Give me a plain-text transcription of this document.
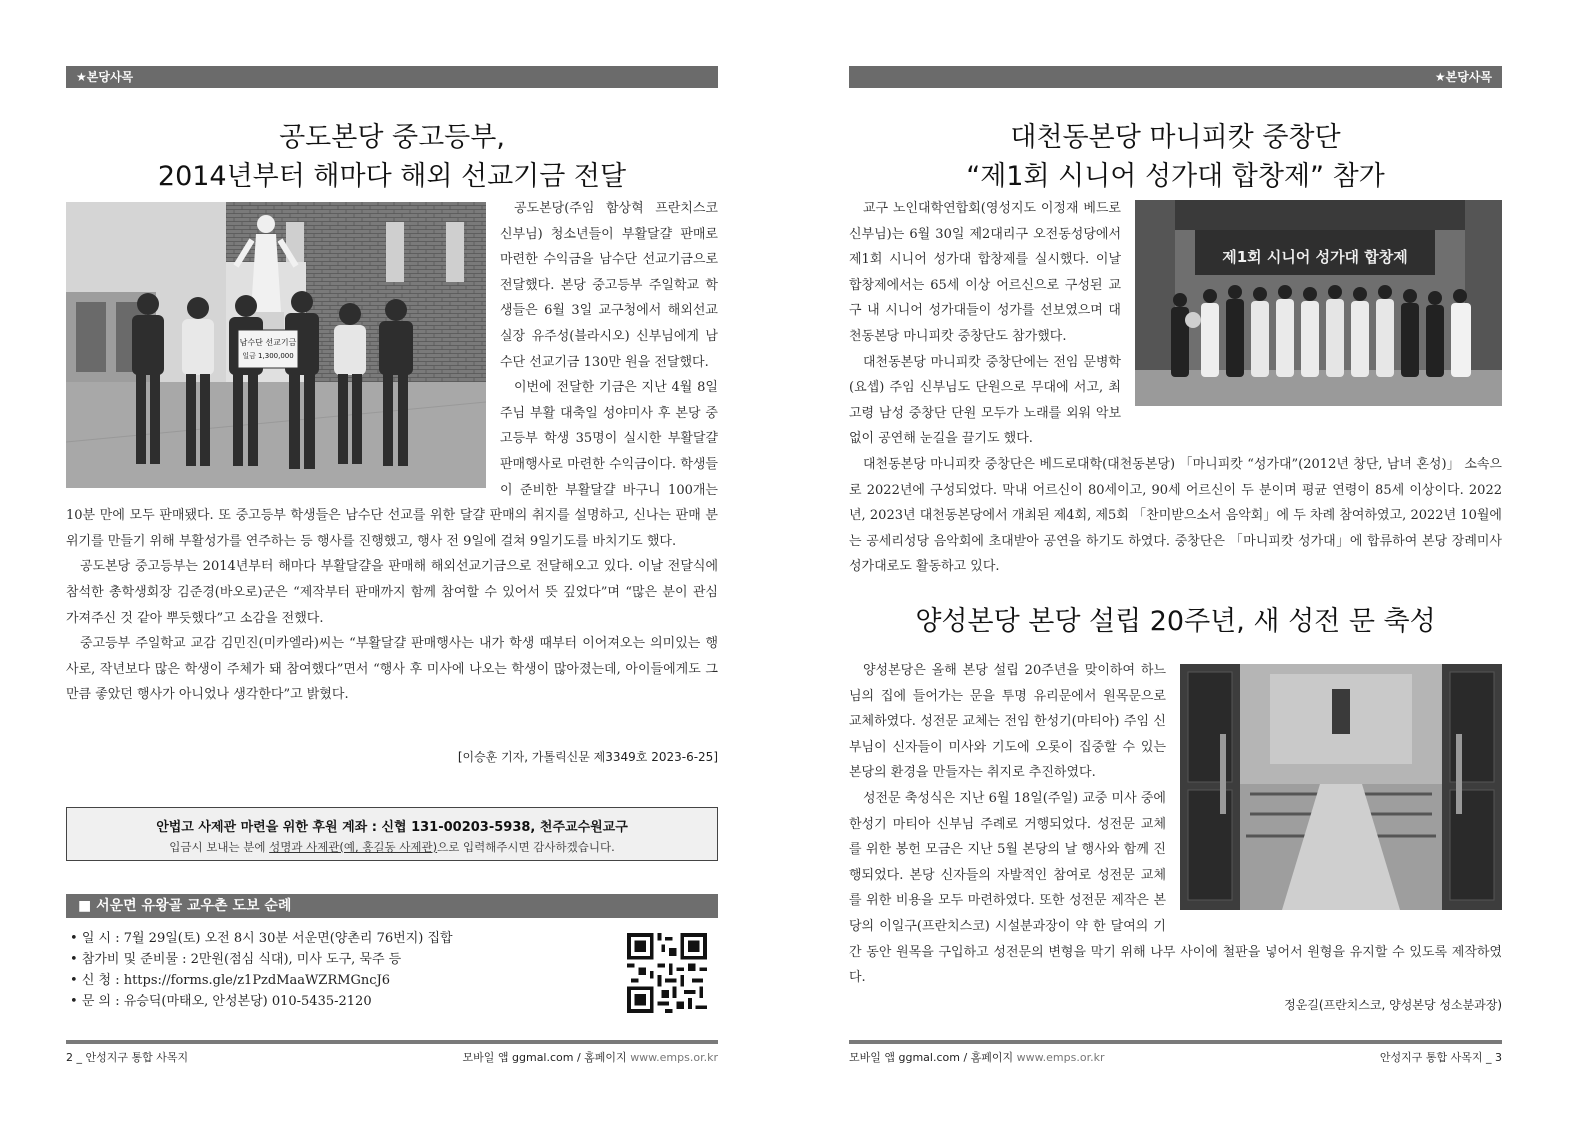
★본당사목
공도본당 중고등부,
2014년부터 해마다 해외 선교기금 전달
남수단 선교기금
일금 1,300,000

공도본당(주임 함상혁 프란치스코 신부님) 청소년들이 부활달걀 판매로 마련한 수익금을 남수단 선교기금으로 전달했다. 본당 중고등부 주일학교 학생들은 6월 3일 교구청에서 해외선교실장 유주성(블라시오) 신부님에게 남수단 선교기금 130만 원을 전달했다.

이번에 전달한 기금은 지난 4월 8일 주님 부활 대축일 성야미사 후 본당 중고등부 학생 35명이 실시한 부활달걀 판매행사로 마련한 수익금이다. 학생들이 준비한 부활달걀 바구니 100개는 10분 만에 모두 판매됐다. 또 중고등부 학생들은 남수단 선교를 위한 달걀 판매의 취지를 설명하고, 신나는 판매 분위기를 만들기 위해 부활성가를 연주하는 등 행사를 진행했고, 행사 전 9일에 걸쳐 9일기도를 바치기도 했다.

공도본당 중고등부는 2014년부터 해마다 부활달걀을 판매해 해외선교기금으로 전달해오고 있다. 이날 전달식에 참석한 총학생회장 김준경(바오로)군은 “제작부터 판매까지 함께 참여할 수 있어서 뜻 깊었다”며 “많은 분이 관심 가져주신 것 같아 뿌듯했다”고 소감을 전했다.

중고등부 주일학교 교감 김민진(미카엘라)씨는 “부활달걀 판매행사는 내가 학생 때부터 이어져오는 의미있는 행사로, 작년보다 많은 학생이 주체가 돼 참여했다”면서 “행사 후 미사에 나오는 학생이 많아졌는데, 아이들에게도 그만큼 좋았던 행사가 아니었나 생각한다”고 밝혔다.

[이승훈 기자, 가톨릭신문 제3349호 2023-6-25]
안법고 사제관 마련을 위한 후원 계좌 : 신협 131-00203-5938, 천주교수원교구
입금시 보내는 분에 성명과 사제관(예, 홍길동 사제관)으로 입력해주시면 감사하겠습니다.
■ 서운면 유왕골 교우촌 도보 순례
• 일 시 : 7월 29일(토) 오전 8시 30분 서운면(양촌리 76번지) 집합
• 참가비 및 준비물 : 2만원(점심 식대), 미사 도구, 묵주 등
• 신 청 : https://forms.gle/z1PzdMaaWZRMGncJ6
• 문 의 : 유승딕(마태오, 안성본당) 010-5435-2120
2 _ 안성지구 통합 사목지	모바일 앱 ggmal.com / 홈페이지 www.emps.or.kr
★본당사목
대천동본당 마니피캇 중창단
“제1회 시니어 성가대 합창제” 참가
제1회 시니어 성가대 합창제

교구 노인대학연합회(영성지도 이정재 베드로 신부님)는 6월 30일 제2대리구 오전동성당에서 제1회 시니어 성가대 합창제를 실시했다. 이날 합창제에서는 65세 이상 어르신으로 구성된 교구 내 시니어 성가대들이 성가를 선보였으며 대천동본당 마니피캇 중창단도 참가했다.

대천동본당 마니피캇 중창단에는 전임 문병학(요셉) 주임 신부님도 단원으로 무대에 서고, 최고령 남성 중창단 단원 모두가 노래를 외워 악보 없이 공연해 눈길을 끌기도 했다.

대천동본당 마니피캇 중창단은 베드로대학(대천동본당) 「마니피캇 “성가대”(2012년 창단, 남녀 혼성)」 소속으로 2022년에 구성되었다. 막내 어르신이 80세이고, 90세 어르신이 두 분이며 평균 연령이 85세 이상이다. 2022년, 2023년 대천동본당에서 개최된 제4회, 제5회 「찬미받으소서 음악회」에 두 차례 참여하였고, 2022년 10월에는 공세리성당 음악회에 초대받아 공연을 하기도 하였다. 중창단은 「마니피캇 성가대」에 합류하여 본당 장례미사 성가대로도 활동하고 있다.

양성본당 본당 설립 20주년, 새 성전 문 축성

양성본당은 올해 본당 설립 20주년을 맞이하여 하느님의 집에 들어가는 문을 투명 유리문에서 원목문으로 교체하였다. 성전문 교체는 전임 한성기(마티아) 주임 신부님이 신자들이 미사와 기도에 오롯이 집중할 수 있는 본당의 환경을 만들자는 취지로 추진하였다.

성전문 축성식은 지난 6월 18일(주일) 교중 미사 중에 한성기 마티아 신부님 주례로 거행되었다. 성전문 교체를 위한 봉헌 모금은 지난 5월 본당의 날 행사와 함께 진행되었다. 본당 신자들의 자발적인 참여로 성전문 교체를 위한 비용을 모두 마련하였다. 또한 성전문 제작은 본당의 이일구(프란치스코) 시설분과장이 약 한 달여의 기간 동안 원목을 구입하고 성전문의 변형을 막기 위해 나무 사이에 철판을 넣어서 원형을 유지할 수 있도록 제작하였다.

정운길(프란치스코, 양성본당 성소분과장)
모바일 앱 ggmal.com / 홈페이지 www.emps.or.kr	안성지구 통합 사목지 _ 3
